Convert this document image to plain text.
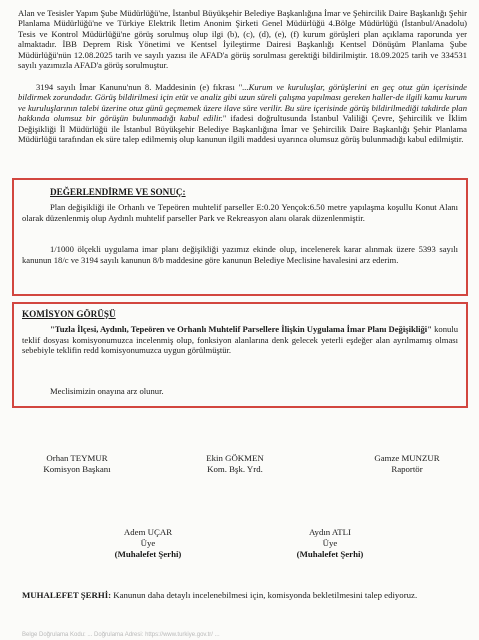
Alan ve Tesisler Yapım Şube Müdürlüğü'ne, İstanbul Büyükşehir Belediye Başkanlığına İmar ve Şehircilik Daire Başkanlığı Şehir Planlama Müdürlüğü'ne ve Türkiye Elektrik İletim Anonim Şirketi Genel Müdürlüğü 4.Bölge Müdürlüğü (İstanbul/Anadolu) Tesis ve Kontrol Müdürlüğü'ne görüş sorulmuş olup ilgi (b), (c), (d), (e), (f) kurum görüşleri plan açıklama raporunda yer almaktadır. İBB Deprem Risk Yönetimi ve Kentsel İyileştirme Dairesi Başkanlığı Kentsel Dönüşüm Planlama Şube Müdürlüğü'nün 12.08.2025 tarih ve sayılı yazısı ile AFAD'a görüş sorulması gerektiği bildirilmiştir. 18.09.2025 tarih ve 334531 sayılı yazımızla AFAD'a görüş sorulmuştur.

3194 sayılı İmar Kanunu'nun 8. Maddesinin (e) fıkrası "...Kurum ve kuruluşlar, görüşlerini en geç otuz gün içerisinde bildirmek zorundadır. Görüş bildirilmesi için etüt ve analiz gibi uzun süreli çalışma yapılması gereken haller-de ilgili kamu kurum ve kuruluşlarının talebi üzerine otuz günü geçmemek üzere ilave süre verilir. Bu süre içerisinde görüş bildirilmediği takdirde plan hakkında olumsuz bir görüşün bulunmadığı kabul edilir." ifadesi doğrultusunda İstanbul Valiliği Çevre, Şehircilik ve İklim Değişikliği İl Müdürlüğü ile İstanbul Büyükşehir Belediye Başkanlığına İmar ve Şehircilik Daire Başkanlığı Şehir Planlama Müdürlüğü tarafından ek süre talep edilmemiş olup kanunun ilgili maddesi uyarınca olumsuz görüş bulunmadığı kabul edilmiştir.

DEĞERLENDİRME VE SONUÇ:

Plan değişikliği ile Orhanlı ve Tepeören muhtelif parseller E:0.20 Yençok:6.50 metre yapılaşma koşullu Konut Alanı olarak düzenlenmiş olup Aydınlı muhtelif parseller Park ve Rekreasyon alanı olarak düzenlenmiştir.

1/1000 ölçekli uygulama imar planı değişikliği yazımız ekinde olup, incelenerek karar alınmak üzere 5393 sayılı kanunun 18/c ve 3194 sayılı kanunun 8/b maddesine göre kanunun Belediye Meclisine havalesini arz ederim.

KOMİSYON GÖRÜŞÜ

"Tuzla İlçesi, Aydınlı, Tepeören ve Orhanlı Muhtelif Parsellere İlişkin Uygulama İmar Planı Değişikliği" konulu teklif dosyası komisyonumuzca incelenmiş olup, fonksiyon alanlarına denk gelecek yeterli eşdeğer alan ayrılmamış olması sebebiyle teklifin redd komisyonumuzca uygun görülmüştür.

Meclisimizin onayına arz olunur.

Orhan TEYMUR
Komisyon Başkanı
Ekin GÖKMEN
Kom. Bşk. Yrd.
Gamze MUNZUR
Raportör
Adem UÇAR
Üye
(Muhalefet Şerhi)
Aydın ATLI
Üye
(Muhalefet Şerhi)

MUHALEFET ŞERHİ: Kanunun daha detaylı incelenebilmesi için, komisyonda bekletilmesini talep ediyoruz.

Belge Doğrulama Kodu: ... Doğrulama Adresi: https://www.turkiye.gov.tr/ ...
